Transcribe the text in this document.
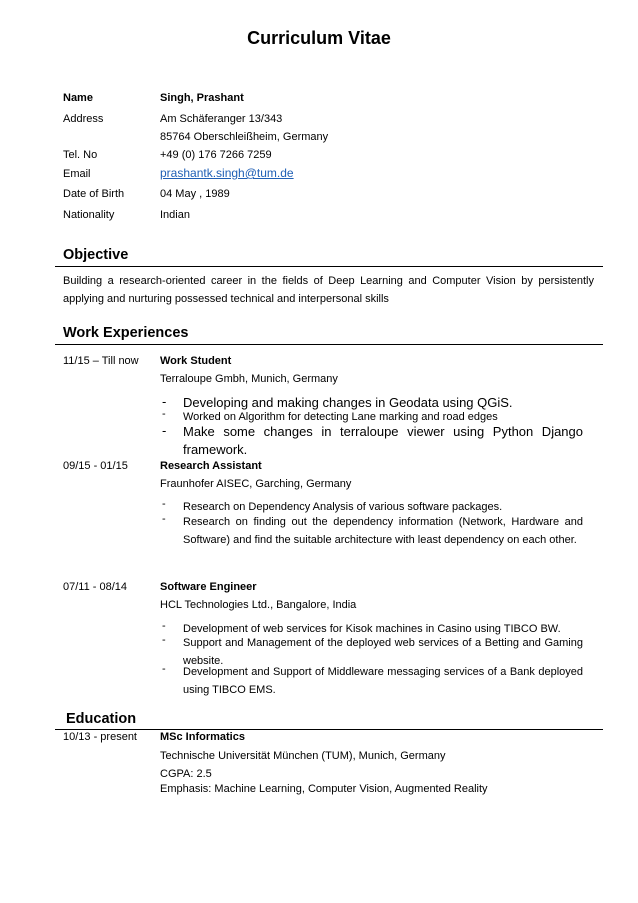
Curriculum Vitae
Name	Singh, Prashant
Address	Am Schäferanger 13/343
85764 Oberschleißheim, Germany
Tel. No	+49 (0) 176 7266 7259
Email	prashantk.singh@tum.de
Date of Birth	04 May , 1989
Nationality	Indian
Objective
Building a research-oriented career in the fields of Deep Learning and Computer Vision by persistently applying and nurturing possessed technical and interpersonal skills
Work Experiences
11/15 – Till now Work Student
Terraloupe Gmbh, Munich, Germany
- Developing and making changes in Geodata using QGiS.
- Worked on Algorithm for detecting Lane marking and road edges
- Make some changes in terraloupe viewer using Python Django framework.
09/15 - 01/15	Research Assistant
Fraunhofer AISEC, Garching, Germany
- Research on Dependency Analysis of various software packages.
- Research on finding out the dependency information (Network, Hardware and Software) and find the suitable architecture with least dependency on each other.
07/11 - 08/14	Software Engineer
HCL Technologies Ltd., Bangalore, India
- Development of web services for Kisok machines in Casino using TIBCO BW.
- Support and Management of the deployed web services of a Betting and Gaming website.
- Development and Support of Middleware messaging services of a Bank deployed using TIBCO EMS.
Education
10/13 - present MSc Informatics
Technische Universität München (TUM), Munich, Germany
CGPA: 2.5
Emphasis: Machine Learning, Computer Vision, Augmented Reality
